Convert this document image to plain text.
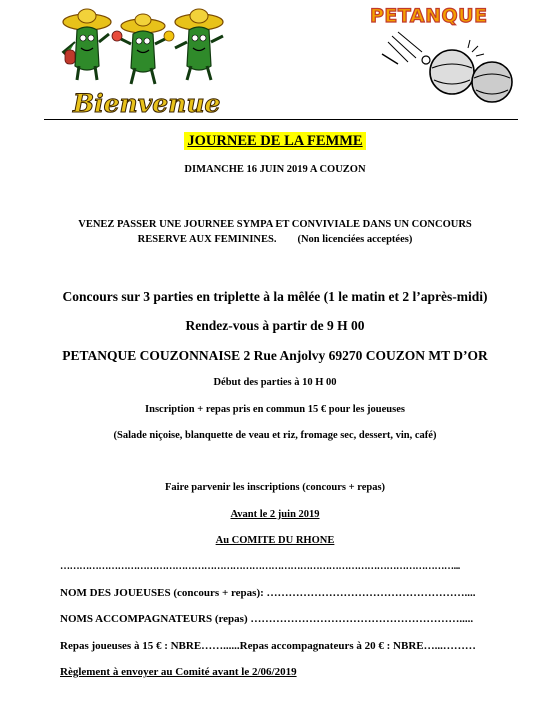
Bienvenue
PETANQUE
JOURNEE DE LA FEMME
DIMANCHE 16 JUIN 2019 A COUZON
VENEZ PASSER UNE JOURNEE SYMPA ET CONVIVIALE DANS UN CONCOURS
RESERVE AUX FEMININES.        (Non licenciées acceptées)
Concours sur 3 parties en triplette à la mêlée (1 le matin et 2 l’après-midi)
Rendez-vous à partir de 9 H 00
PETANQUE COUZONNAISE 2 Rue Anjolvy 69270 COUZON MT D’OR
Début des parties à 10 H 00
Inscription + repas pris en commun 15 € pour les joueuses
(Salade niçoise, blanquette de veau et riz, fromage sec, dessert, vin, café)
Faire parvenir les inscriptions (concours + repas)
Avant le 2 juin 2019
Au COMITE DU RHONE
……………………………………………………………………………………………………………...
NOM DES JOUEUSES (concours + repas): ………………………………………………....
NOMS ACCOMPAGNATEURS (repas) ………………………………………………….....
Repas joueuses à 15 € : NBRE……......Repas accompagnateurs à 20 € : NBRE…...………
Règlement à envoyer au Comité avant le 2/06/2019
